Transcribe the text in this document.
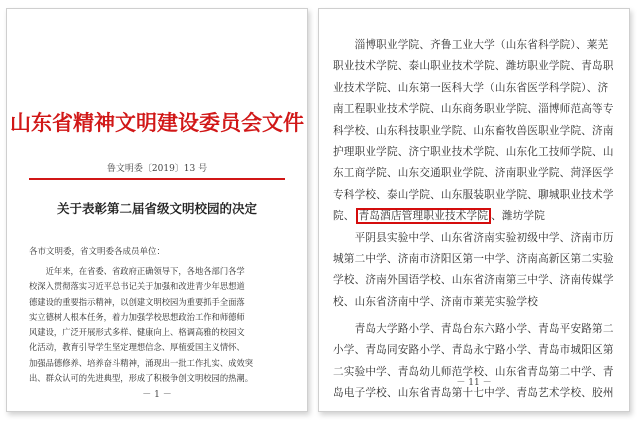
山东省精神文明建设委员会文件
鲁文明委〔2019〕13 号
关于表彰第二届省级文明校园的决定
各市文明委，省文明委各成员单位：
　　近年来，在省委、省政府正确领导下，各地各部门各学
校深入贯彻落实习近平总书记关于加强和改进青少年思想道
德建设的重要指示精神，以创建文明校园为重要抓手全面落
实立德树人根本任务，着力加强学校思想政治工作和师德师
风建设，广泛开展形式多样、健康向上、格调高雅的校园文
化活动，教育引导学生坚定理想信念、厚植爱国主义情怀、
加强品德修养、培养奋斗精神，涌现出一批工作扎实、成效突
出、群众认可的先进典型，形成了积极争创文明校园的热潮。
－ 1 －
　　淄博职业学院、齐鲁工业大学（山东省科学院）、莱芜
职业技术学院、泰山职业技术学院、潍坊职业学院、青岛职
业技术学院、山东第一医科大学（山东省医学科学院）、济
南工程职业技术学院、山东商务职业学院、淄博师范高等专
科学校、山东科技职业学院、山东畜牧兽医职业学院、济南
护理职业学院、济宁职业技术学院、山东化工技师学院、山
东工商学院、山东交通职业学院、济南职业学院、菏泽医学
专科学校、泰山学院、山东服装职业学院、聊城职业技术学
院、 青岛酒店管理职业技术学院 、潍坊学院
　　平阴县实验中学、山东省济南实验初级中学、济南市历
城第二中学、济南市济阳区第一中学、济南高新区第二实验
学校、济南外国语学校、山东省济南第三中学、济南传媒学
校、山东省济南中学、济南市莱芜实验学校
　　青岛大学路小学、青岛台东六路小学、青岛平安路第二
小学、青岛同安路小学、青岛永宁路小学、青岛市城阳区第
二实验中学、青岛幼儿师范学校、山东省青岛第二中学、青
岛电子学校、山东省青岛第十七中学、青岛艺术学校、胶州
－ 11 －
